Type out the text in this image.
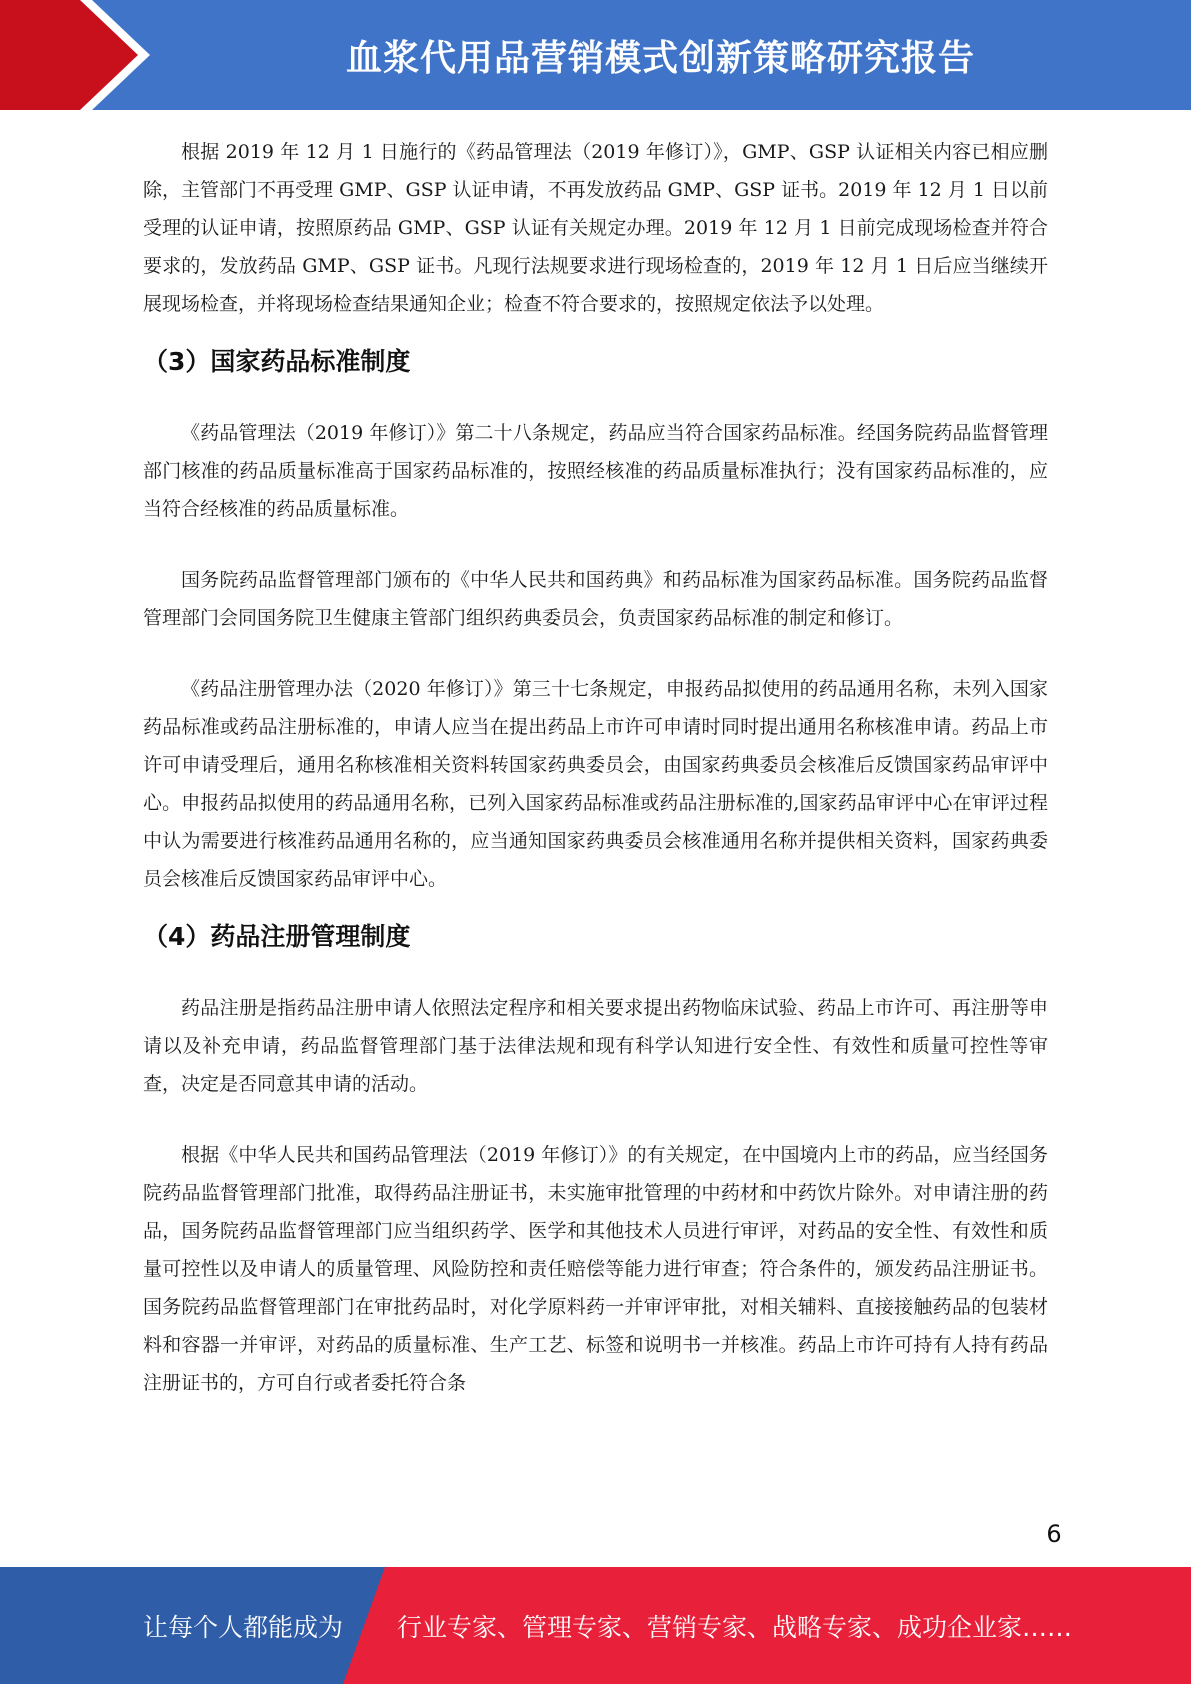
血浆代用品营销模式创新策略研究报告

根据 2019 年 12 月 1 日施行的《药品管理法（2019 年修订）》，GMP、GSP 认证相关内容已相应删除，主管部门不再受理 GMP、GSP 认证申请，不再发放药品 GMP、GSP 证书。2019 年 12 月 1 日以前受理的认证申请，按照原药品 GMP、GSP 认证有关规定办理。2019 年 12 月 1 日前完成现场检查并符合要求的，发放药品 GMP、GSP 证书。凡现行法规要求进行现场检查的，2019 年 12 月 1 日后应当继续开展现场检查，并将现场检查结果通知企业；检查不符合要求的，按照规定依法予以处理。

（3）国家药品标准制度

《药品管理法（2019 年修订）》第二十八条规定，药品应当符合国家药品标准。经国务院药品监督管理部门核准的药品质量标准高于国家药品标准的，按照经核准的药品质量标准执行；没有国家药品标准的，应当符合经核准的药品质量标准。

国务院药品监督管理部门颁布的《中华人民共和国药典》和药品标准为国家药品标准。国务院药品监督管理部门会同国务院卫生健康主管部门组织药典委员会，负责国家药品标准的制定和修订。

《药品注册管理办法（2020 年修订）》第三十七条规定，申报药品拟使用的药品通用名称，未列入国家药品标准或药品注册标准的，申请人应当在提出药品上市许可申请时同时提出通用名称核准申请。药品上市许可申请受理后，通用名称核准相关资料转国家药典委员会，由国家药典委员会核准后反馈国家药品审评中心。申报药品拟使用的药品通用名称，已列入国家药品标准或药品注册标准的,国家药品审评中心在审评过程中认为需要进行核准药品通用名称的，应当通知国家药典委员会核准通用名称并提供相关资料，国家药典委员会核准后反馈国家药品审评中心。

（4）药品注册管理制度

药品注册是指药品注册申请人依照法定程序和相关要求提出药物临床试验、药品上市许可、再注册等申请以及补充申请，药品监督管理部门基于法律法规和现有科学认知进行安全性、有效性和质量可控性等审查，决定是否同意其申请的活动。

根据《中华人民共和国药品管理法（2019 年修订）》的有关规定，在中国境内上市的药品，应当经国务院药品监督管理部门批准，取得药品注册证书，未实施审批管理的中药材和中药饮片除外。对申请注册的药品，国务院药品监督管理部门应当组织药学、医学和其他技术人员进行审评，对药品的安全性、有效性和质量可控性以及申请人的质量管理、风险防控和责任赔偿等能力进行审查；符合条件的，颁发药品注册证书。国务院药品监督管理部门在审批药品时，对化学原料药一并审评审批，对相关辅料、直接接触药品的包装材料和容器一并审评，对药品的质量标准、生产工艺、标签和说明书一并核准。药品上市许可持有人持有药品注册证书的，方可自行或者委托符合条

6
让每个人都能成为 行业专家、管理专家、营销专家、战略专家、成功企业家……
